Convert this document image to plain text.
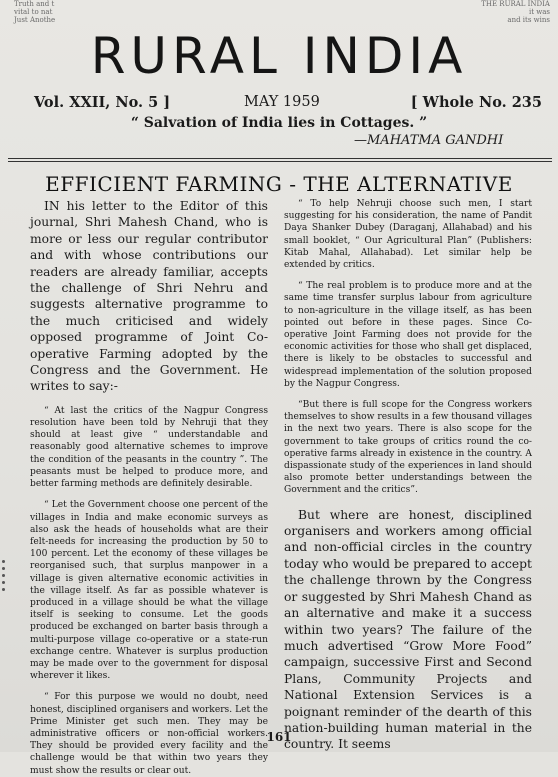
Truth and t
vital to nat
Just Anothe
THE RURAL INDIA
it was
and its wins
RURAL INDIA
Vol. XXII, No. 5 ]	MAY 1959	[ Whole No. 235
“ Salvation of India lies in Cottages. ”
—MAHATMA GANDHI
EFFICIENT FARMING - THE ALTERNATIVE

IN his letter to the Editor of this journal, Shri Mahesh Chand, who is more or less our regular contributor and with whose contributions our readers are already familiar, accepts the challenge of Shri Nehru and suggests alternative programme to the much criticised and widely opposed programme of Joint Co-operative Farming adopted by the Congress and the Government. He writes to say:-

“ At last the critics of the Nagpur Congress resolution have been told by Nehruji that they should at least give “ understandable and reasonably good alternative schemes to improve the condition of the peasants in the country ”. The peasants must be helped to produce more, and better farming methods are definitely desirable.

“ Let the Government choose one percent of the villages in India and make economic surveys as also ask the heads of households what are their felt-needs for increasing the production by 50 to 100 percent. Let the economy of these villages be reorganised such, that surplus manpower in a village is given alternative economic activities in the village itself. As far as possible whatever is produced in a village should be what the village itself is seeking to consume. Let the goods produced be exchanged on barter basis through a multi-purpose village co-operative or a state-run exchange centre. Whatever is surplus production may be made over to the government for disposal wherever it likes.

“ For this purpose we would no doubt, need honest, disciplined organisers and workers. Let the Prime Minister get such men. They may be administrative officers or non-official workers. They should be provided every facility and the challenge would be that within two years they must show the results or clear out.

“ To help Nehruji choose such men, I start suggesting for his consideration, the name of Pandit Daya Shanker Dubey (Daraganj, Allahabad) and his small booklet, “ Our Agricultural Plan” (Publishers: Kitab Mahal, Allahabad). Let similar help be extended by critics.

“ The real problem is to produce more and at the same time transfer surplus labour from agriculture to non-agriculture in the village itself, as has been pointed out before in these pages. Since Co-operative Joint Farming does not provide for the economic activities for those who shall get displaced, there is likely to be obstacles to successful and widespread implementation of the solution proposed by the Nagpur Congress.

“But there is full scope for the Congress workers themselves to show results in a few thousand villages in the next two years. There is also scope for the government to take groups of critics round the co-operative farms already in existence in the country. A dispassionate study of the experiences in land should also promote better understandings between the Government and the critics”.

But where are honest, disciplined organisers and workers among official and non-official circles in the country today who would be prepared to accept the challenge thrown by the Congress or suggested by Shri Mahesh Chand as an alternative and make it a success within two years? The failure of the much advertised “Grow More Food” campaign, successive First and Second Plans, Community Projects and National Extension Services is a poignant reminder of the dearth of this nation-building human material in the country. It seems

161
